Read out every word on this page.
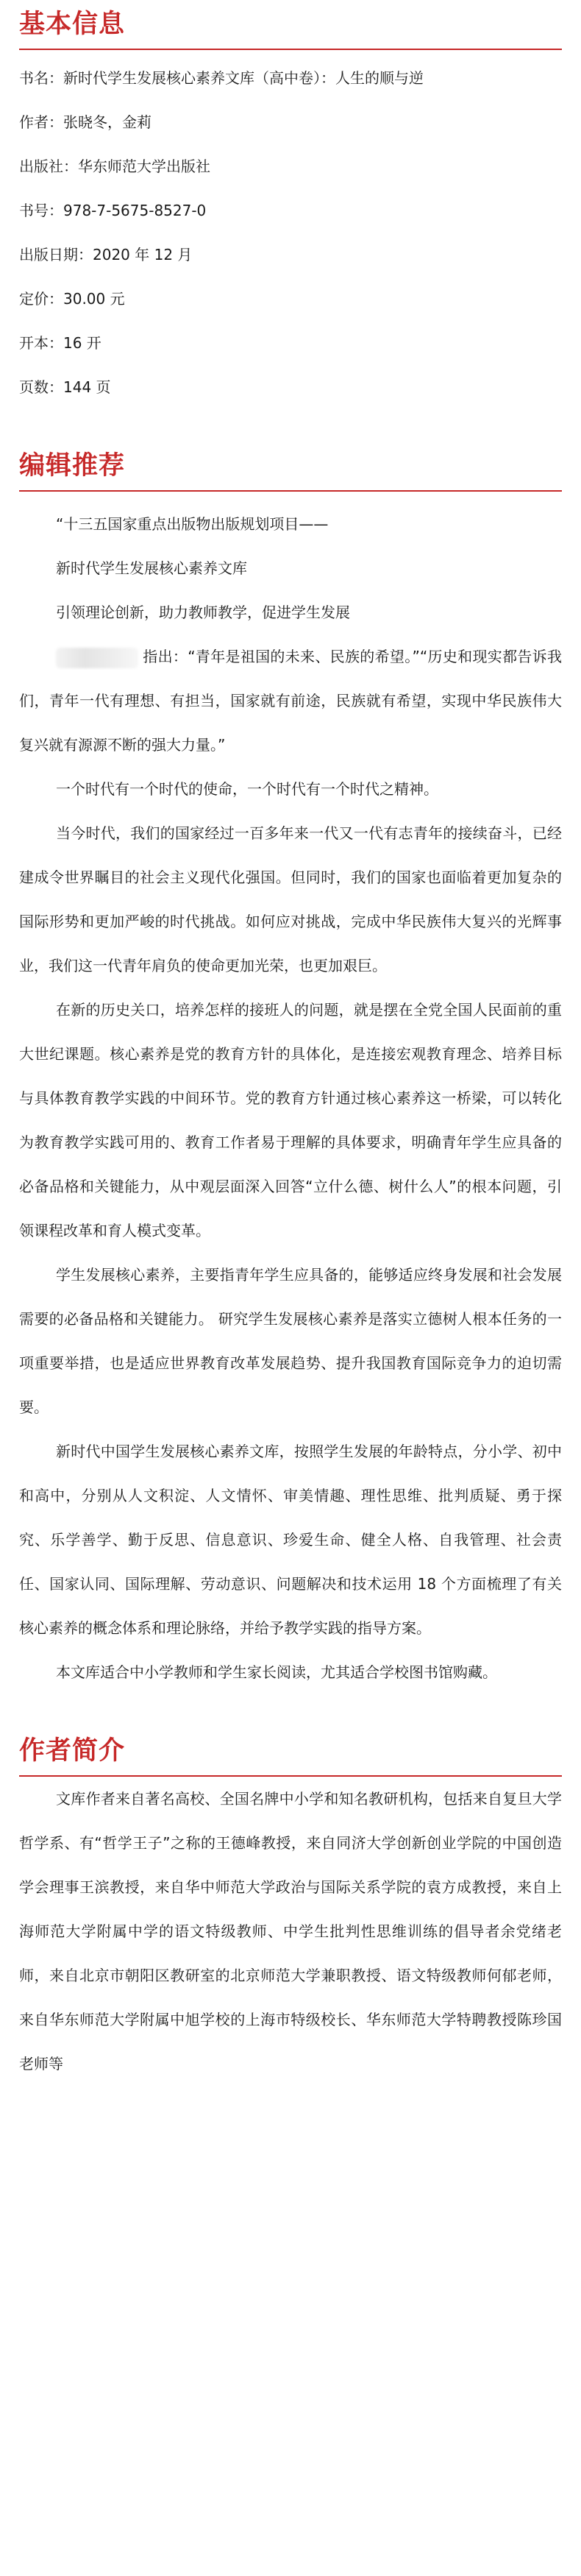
基本信息

书名：新时代学生发展核心素养文库（高中卷）：人生的顺与逆

作者：张晓冬，金莉

出版社：华东师范大学出版社

书号：978-7-5675-8527-0

出版日期：2020 年 12 月

定价：30.00 元

开本：16 开

页数：144 页

编辑推荐

“十三五国家重点出版物出版规划项目——

新时代学生发展核心素养文库

引领理论创新，助力教师教学，促进学生发展

指出：“青年是祖国的未来、民族的希望。”“历史和现实都告诉我们，青年一代有理想、有担当，国家就有前途，民族就有希望，实现中华民族伟大复兴就有源源不断的强大力量。”

一个时代有一个时代的使命，一个时代有一个时代之精神。

当今时代，我们的国家经过一百多年来一代又一代有志青年的接续奋斗，已经建成令世界瞩目的社会主义现代化强国。但同时，我们的国家也面临着更加复杂的国际形势和更加严峻的时代挑战。如何应对挑战，完成中华民族伟大复兴的光辉事业，我们这一代青年肩负的使命更加光荣，也更加艰巨。

在新的历史关口，培养怎样的接班人的问题，就是摆在全党全国人民面前的重大世纪课题。核心素养是党的教育方针的具体化，是连接宏观教育理念、培养目标与具体教育教学实践的中间环节。党的教育方针通过核心素养这一桥梁，可以转化为教育教学实践可用的、教育工作者易于理解的具体要求，明确青年学生应具备的必备品格和关键能力，从中观层面深入回答“立什么德、树什么人”的根本问题，引领课程改革和育人模式变革。

学生发展核心素养，主要指青年学生应具备的，能够适应终身发展和社会发展需要的必备品格和关键能力。 研究学生发展核心素养是落实立德树人根本任务的一项重要举措，也是适应世界教育改革发展趋势、提升我国教育国际竞争力的迫切需要。

新时代中国学生发展核心素养文库，按照学生发展的年龄特点，分小学、初中和高中，分别从人文积淀、人文情怀、审美情趣、理性思维、批判质疑、勇于探究、乐学善学、勤于反思、信息意识、珍爱生命、健全人格、自我管理、社会责任、国家认同、国际理解、劳动意识、问题解决和技术运用 18 个方面梳理了有关核心素养的概念体系和理论脉络，并给予教学实践的指导方案。

本文库适合中小学教师和学生家长阅读，尤其适合学校图书馆购藏。

作者简介

文库作者来自著名高校、全国名牌中小学和知名教研机构，包括来自复旦大学哲学系、有“哲学王子”之称的王德峰教授，来自同济大学创新创业学院的中国创造学会理事王滨教授，来自华中师范大学政治与国际关系学院的袁方成教授，来自上海师范大学附属中学的语文特级教师、中学生批判性思维训练的倡导者余党绪老师，来自北京市朝阳区教研室的北京师范大学兼职教授、语文特级教师何郁老师，来自华东师范大学附属中旭学校的上海市特级校长、华东师范大学特聘教授陈珍国老师等
